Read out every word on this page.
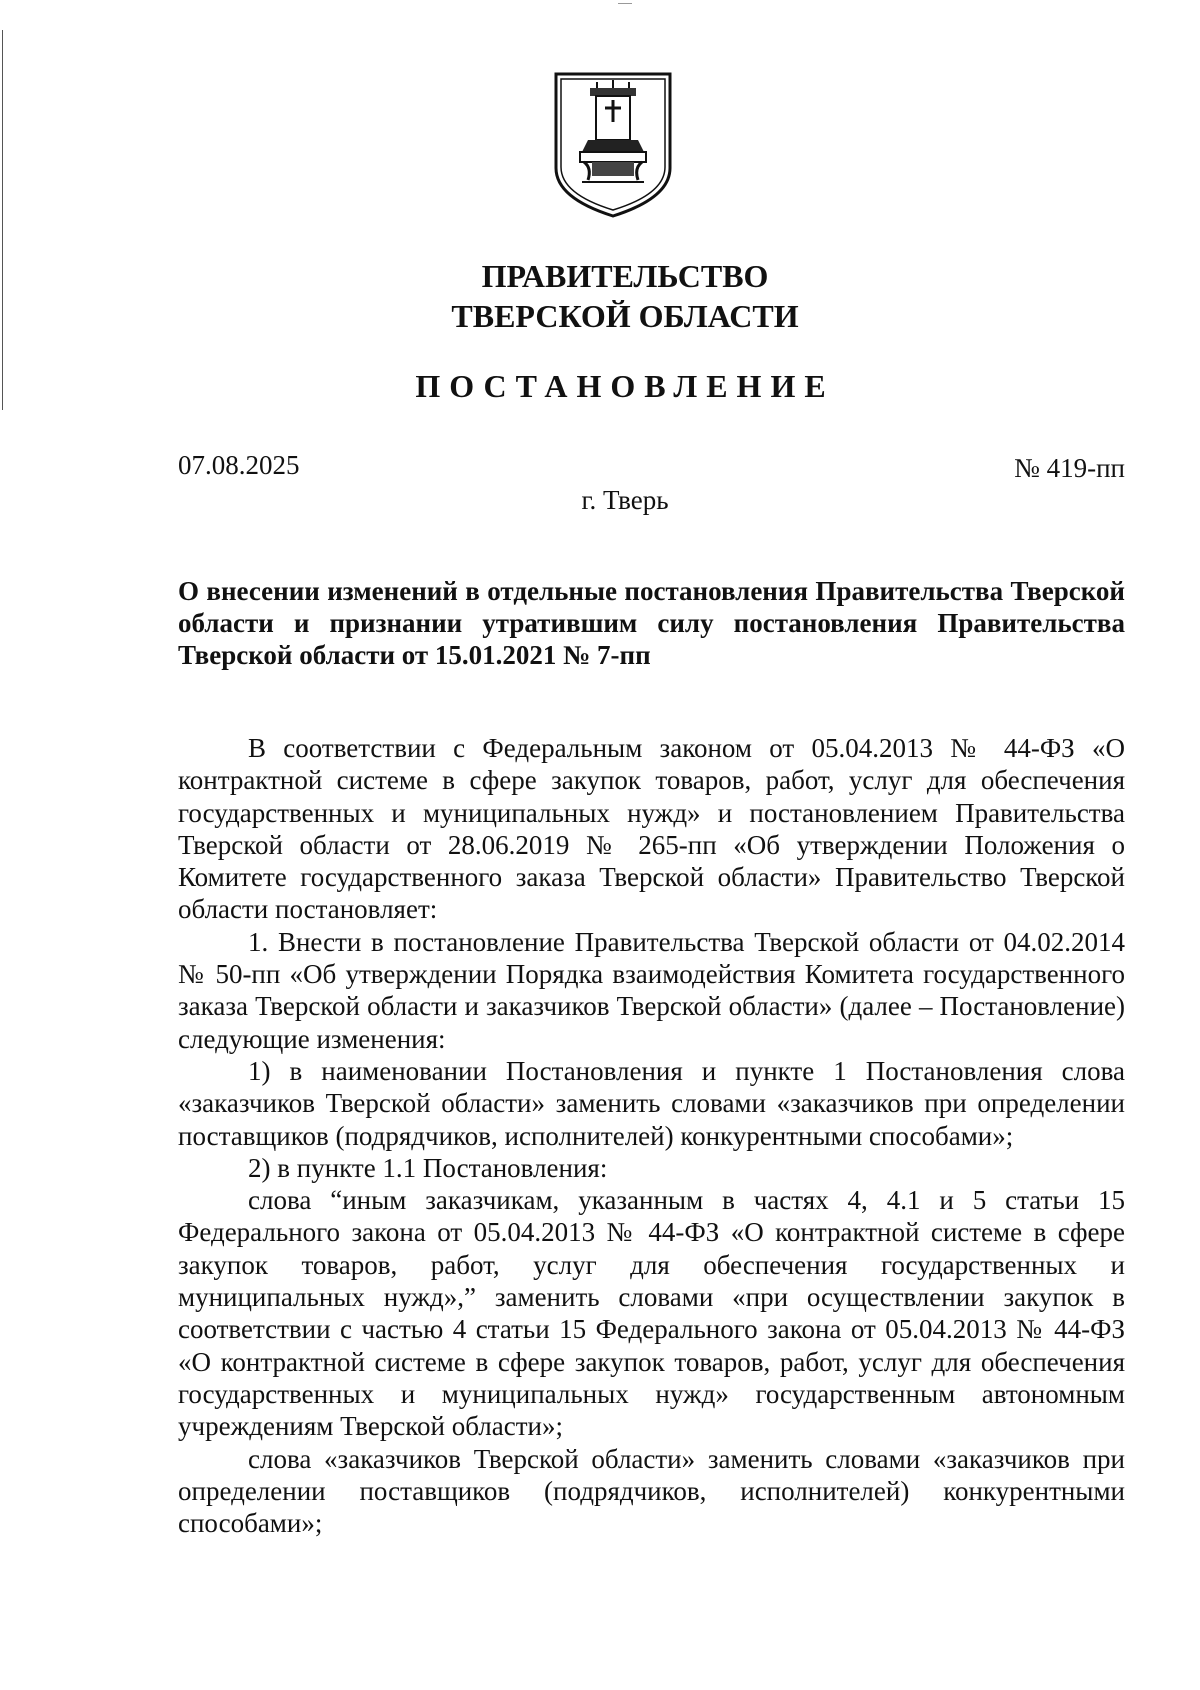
ПРАВИТЕЛЬСТВО
ТВЕРСКОЙ ОБЛАСТИ
ПОСТАНОВЛЕНИЕ
07.08.2025	№ 419-пп
г. Тверь
О внесении изменений в отдельные постановления Правительства Тверской области и признании утратившим силу постановления Правительства Тверской области от 15.01.2021 № 7-пп

В соответствии с Федеральным законом от 05.04.2013 № 44-ФЗ «О контрактной системе в сфере закупок товаров, работ, услуг для обеспечения государственных и муниципальных нужд» и постановлением Правительства Тверской области от 28.06.2019 № 265-пп «Об утверждении Положения о Комитете государственного заказа Тверской области» Правительство Тверской области постановляет:

1. Внести в постановление Правительства Тверской области от 04.02.2014 № 50-пп «Об утверждении Порядка взаимодействия Комитета государственного заказа Тверской области и заказчиков Тверской области» (далее – Постановление) следующие изменения:

1) в наименовании Постановления и пункте 1 Постановления слова «заказчиков Тверской области» заменить словами «заказчиков при определении поставщиков (подрядчиков, исполнителей) конкурентными способами»;

2) в пункте 1.1 Постановления:

слова “иным заказчикам, указанным в частях 4, 4.1 и 5 статьи 15 Федерального закона от 05.04.2013 № 44-ФЗ «О контрактной системе в сфере закупок товаров, работ, услуг для обеспечения государственных и муниципальных нужд»,” заменить словами «при осуществлении закупок в соответствии с частью 4 статьи 15 Федерального закона от 05.04.2013 № 44-ФЗ «О контрактной системе в сфере закупок товаров, работ, услуг для обеспечения государственных и муниципальных нужд» государственным автономным учреждениям Тверской области»;

слова «заказчиков Тверской области» заменить словами «заказчиков при определении поставщиков (подрядчиков, исполнителей) конкурентными способами»;
